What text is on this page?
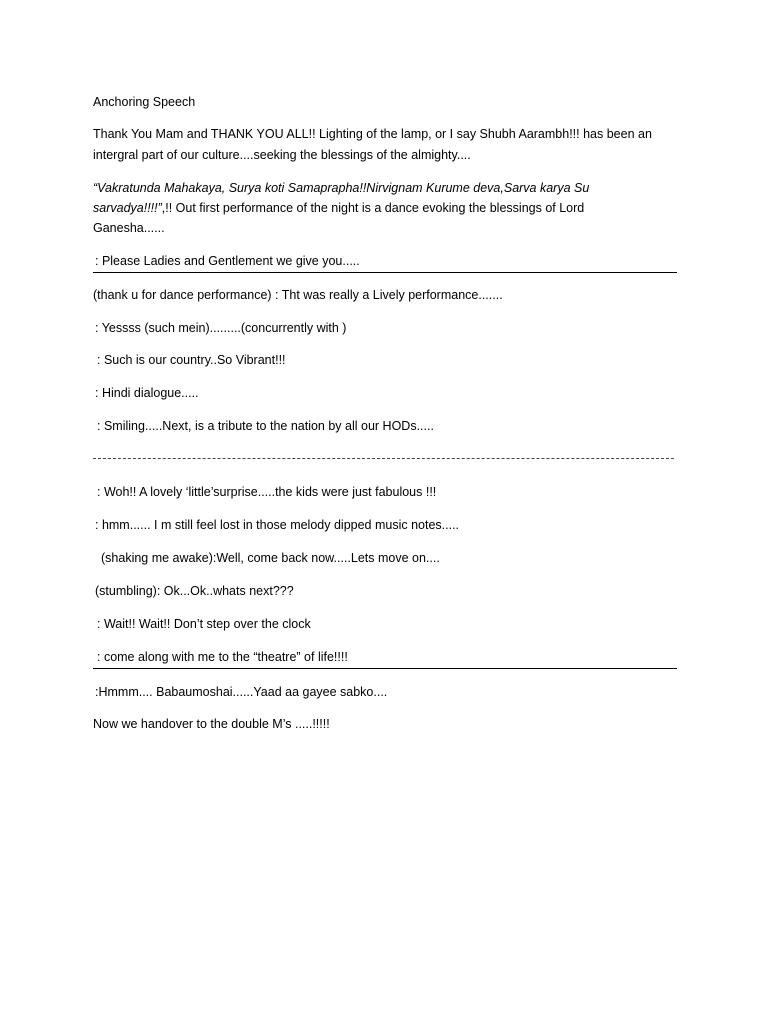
Anchoring Speech
Thank You Mam and THANK YOU ALL!! Lighting of the lamp, or I say Shubh Aarambh!!! has been an
intergral part of our culture....seeking the blessings of the almighty....
“Vakratunda Mahakaya, Surya koti Samaprapha!!Nirvignam Kurume deva,Sarva karya Su
sarvadya!!!!”,!! Out first performance of the night is a dance evoking the blessings of Lord
Ganesha......
: Please Ladies and Gentlement we give you.....
(thank u for dance performance) : Tht was really a Lively performance.......
: Yessss (such mein).........(concurrently with )
: Such is our country..So Vibrant!!!
: Hindi dialogue.....
: Smiling.....Next, is a tribute to the nation by all our HODs.....
: Woh!! A lovely ‘little’surprise.....the kids were just fabulous !!!
: hmm...... I m still feel lost in those melody dipped music notes.....
(shaking me awake):Well, come back now.....Lets move on....
(stumbling): Ok...Ok..whats next???
: Wait!! Wait!! Don’t step over the clock
: come along with me to the “theatre” of life!!!!
:Hmmm.... Babaumoshai......Yaad aa gayee sabko....
Now we handover to the double M’s .....!!!!!
